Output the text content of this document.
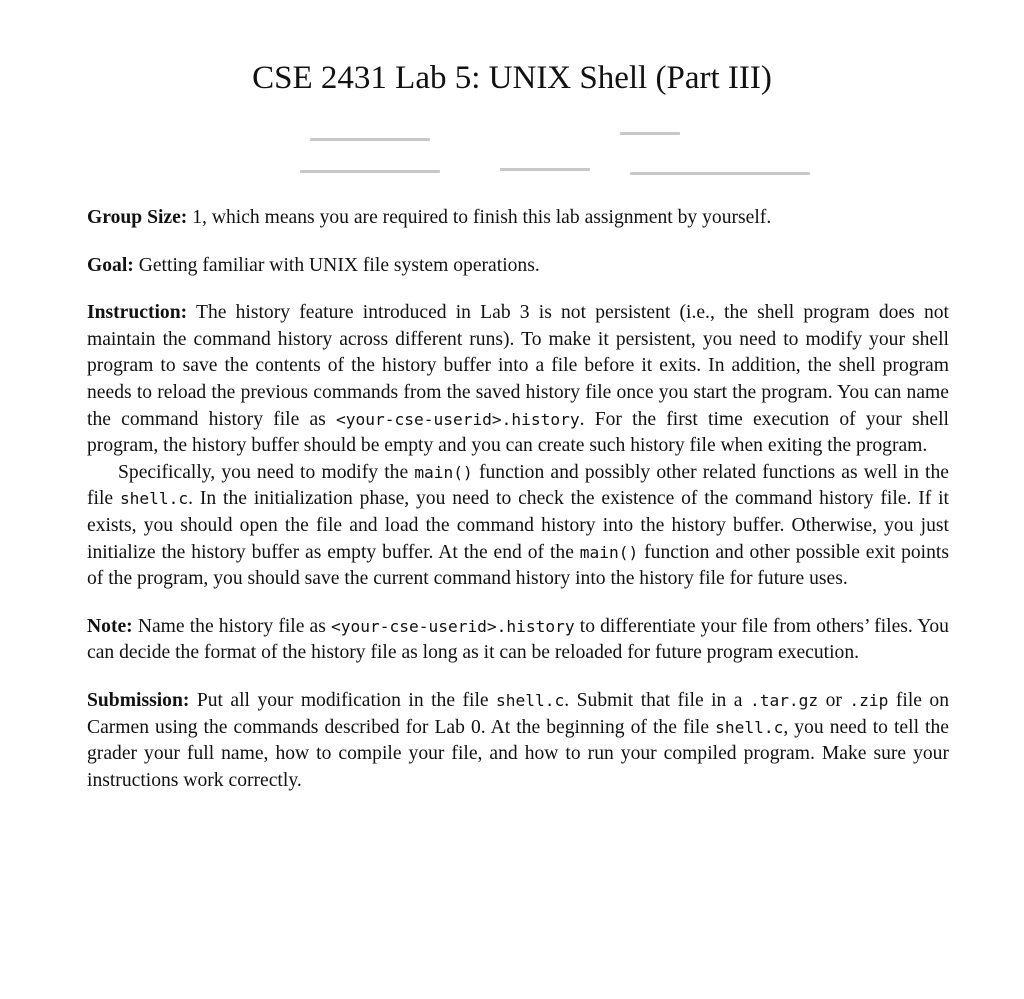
CSE 2431 Lab 5: UNIX Shell (Part III)

Group Size: 1, which means you are required to finish this lab assignment by yourself.

Goal: Getting familiar with UNIX file system operations.

Instruction: The history feature introduced in Lab 3 is not persistent (i.e., the shell program does not maintain the command history across different runs). To make it persistent, you need to modify your shell program to save the contents of the history buffer into a file before it exits. In addition, the shell program needs to reload the previous commands from the saved history file once you start the program. You can name the command history file as <your-cse-userid>.history. For the first time execution of your shell program, the history buffer should be empty and you can create such history file when exiting the program.

Specifically, you need to modify the main() function and possibly other related functions as well in the file shell.c. In the initialization phase, you need to check the existence of the command history file. If it exists, you should open the file and load the command history into the history buffer. Otherwise, you just initialize the history buffer as empty buffer. At the end of the main() function and other possible exit points of the program, you should save the current command history into the history file for future uses.

Note: Name the history file as <your-cse-userid>.history to differentiate your file from others’ files. You can decide the format of the history file as long as it can be reloaded for future program execution.

Submission: Put all your modification in the file shell.c. Submit that file in a .tar.gz or .zip file on Carmen using the commands described for Lab 0. At the beginning of the file shell.c, you need to tell the grader your full name, how to compile your file, and how to run your compiled program. Make sure your instructions work correctly.
